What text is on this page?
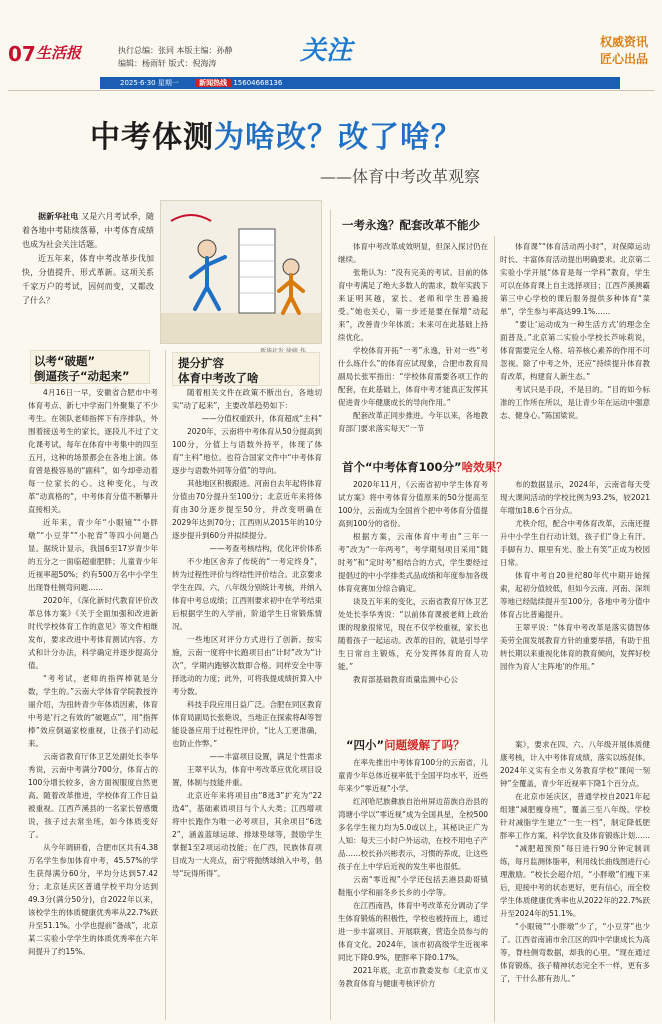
07 生活报	执行总编：张同 本版主编：孙静
编辑：杨雨轩 版式：倪海涛	关注	权威资讯
匠心出品
2025·6·30 星期一	新闻热线 15604668136
中考体测为啥改？改了啥？
——体育中考改革观察

据新华社电 又是六月考试季，随着各地中考陆续落幕，中考体育成绩也成为社会关注话题。

近五年来，体育中考改革步伐加快，分值提升、形式革新。这项关系千家万户的考试，因何而变，又都改了什么？

以考“破题”
倒逼孩子“动起来”
提分扩容
体育中考改了啥
一考永逸？配套改革不能少
首个“中考体育100分”啥效果？
“四小”问题缓解了吗？

4月16日一早，安徽省合肥市中考体育考点、新七中学南门外聚集了不少考生。在领队老师指挥下有序排队，外围着接送考生的家长，逐段儿不过了文化课考试。每年在体育中考集中的四至五月，这种的场景都会在各地上演。体育曾是极容易的“副科”，如今却牵动着每一位家长的心。这种变化，与改革“动真格的”，中考体育分值不断攀升直接相关。

近年来，青少年“小眼镜”“小胖墩”“小豆芽”“小驼背”等四小问题凸显。据统计显示，我国6至17岁青少年的五分之一面临超重肥胖；儿童青少年近视率超50%；约有500万名中小学生出现脊柱侧弯问题……

2020年，《深化新时代教育评价改革总体方案》《关于全面加强和改进新时代学校体育工作的意见》等文件相继发布，要求改进中考体育测试内容、方式和计分办法，科学确定并逐步提高分值。

“考考试，老师的指挥棒就是分数，学生的。”云南大学体育学院教授许丽介绍，为扭转青少年体质因素，体育中考是‘行之有效的“破题点”’，用“指挥棒”效应倒逼家校重视，让孩子们动起来。

云南省教育厅体卫艺处副处长李华秀说，云南中考满分700分，体育占的100分增长较多，舍方面视服度自然更高。随着改革推进，学校体育工作日益被重视。江西芦溪县的一名家长曾感慨说，孩子过去常坐班，如今体质变好了。

从今年调研看，合肥市区共有4.38万名学生参加体育中考，45.57%的学生获得满分60分，平均分达到57.42分；北京延庆区普通学校平均分达到49.3分(满分50分)，自2022年以来，该校学生的体质健康优秀率从22.7%跃升至51.1%。小学也提前“备战”，北京某二实验小学学生的体质优秀率在六年间提升了约15%。

随着相关文件在政策不断出台，各地切实“动了起来”，主要改革趋势如下：

——分值权重跃升，体育超成“主科”

2020年，云南将中考体育从50分提高到100分，分值上与语数外持平，体现了体育“主科”地位。也符合国家文件中“中考体育逐步与语数外同等分值”的导向。

其他地区积极跟进。河南自去年起将体育分值由70分提升至100分；北京近年来将体育由30分逐步提至50分，并改变明确在2029年达到70分；江西则从2015年的10分逐步提升到60分并拟续提分。

——考查考核结构，优化评价体系

不少地区舍弃了传统的“一考定终身”，转为过程性评价与终结性评价结合。北京要求学生在四、六、八年级分别统计考核，并纳入体育中考总成绩；江西则要求初中在学考结束后根据学生的入学前，阶道学生日常锻炼情况。

一些地区对评分方式进行了创新。按实施，云南一度将中长跑项目由“计时”改为“计次”，学期内跑够次数即合格。同样安全中等择选动的力度；此外，可将我提成绩折算入中考分数。

科技手段应用日益广泛。合肥在同区教育体育局副局长张艳说，当地正在探索将AI等智能设备应用于过程性评价，“比人工更准确，也防止作弊。”

——丰富项目设置，满足个性需求

王翠平认为，体育中考改革应优化项目设置，体制与技能并重。

北京近年来将项目由“8选3”扩充为“22选4”，基础素质项目与个人大类；江西增项将中长跑作为唯一必考项目，其余项目“6选2”，涵盖蓝球运球、排球垫球等，鼓励学生掌握1至2项运动技能；在广西，民族体育项目成为一大亮点，南宁将抛绣球纳入中考，倡导“玩得所得”。

体育中考改革成效明显，但深入探讨仍在继续。

张艳认为：“没有完美的考试。目前的体育中考满足了绝大多数人的需求，数年实践下来证明其越，家长、老师和学生普遍接受。”她也关心，第一步还是要在保增“动起来”，改善青少年体质；未来可在此基础上持续优化。

学校体育开拓“一考”永逸，针对一些“考什么练什么”的体育应试现象，合肥市教育局副局长张军指出：“学校体育需要各项工作的配套，在此基础上，体育中考才能真正发挥其促进青少年健康成长的导向作用。”

配套改革正同步推进。今年以来，各地教育部门要求落实每天“一节

体育课”“体育活动两小时”，对保障运动时长、丰富体育活动提出明确要求。北京第二实验小学开展“体育是每一学科”教育，学生可以在体育课上自主选择项目；江西芦溪澳霸第三中心学校的课后服务提供多种体育“菜单”，学生参与率高达99.1%……

“要让‘运动成为一种生活方式’的理念全面普及。”北京第二实验小学校长芦咏莉说，体育需要完全人格、培养核心素养的作用不可忽视。除了中考之外，还应“持续提升体育教育改革，构建育人新生态。”

考试只是手段，不是目的。“目的如今标准的工作所在所以，是让青少年在运动中强意志、健身心。”陈国梁说。

2020年11月，《云南省初中学生体育考试方案》将中考体育分值原来的50分提高至100分，云南成为全国首个把中考体育分值提高到100分的省份。

根据方案，云南体育中考由“三年一考”改为“一年两考”，考学期刻项目采用“随时考”和“定时考”相结合的方式，学生要经过提倡过的中小学排类式品成绩和年度参加各级体育竞赛加分综合确定。

谈及五年来的变化，云南省教育厅体卫艺处处长李华秀说：“以前体育课被老师上政治课的现象很常见，现在不仅学校重视，家长也随着孩子一起运动。改革的目的，就是引导学生日常自主锻炼，充分发挥体育的育人功能。”

教育部基础教育质量监测中心公

布的数据显示，2024年，云南省每天受现大课间活动的学校比例为93.2%，较2021年增加18.6个百分点。

尤秩介绍，配合中考体育改革，云南还提升中小学生自行动计划，孩子们“身上有汗、手脚有力、眼里有光、脸上有笑”正成为校园日常。

体育中考自20世纪80年代中期开始探索，起初分值较低，但如今云南、河南、深圳等地已经陆续提升至100分，各地中考分值中体育占比普遍提升。

王翠平说：“体育中考改革是落实德智体美劳全面发展教育方针的重要举措，有助于扭转长期以来重视化体育的教育倾向，发挥好校园作为育人‘主阵地’的作用。”

在率先推出中考体育100分的云南省，儿童青少年总体近视率低于全国平均水平，近些年来少“零近视”小学。

红河哈尼族彝族自治州屏边苗族自治县的湾塘小学以“零近视”成为全国具星，全校500多名学生视力均为5.0或以上，其秘诀正广为人知：每天三小时户外运动，在校不用电子产品……校长孙兴彬表示，习惯的养成，让这些孩子在上中学后近视的发生率也很低。

云南“零近视”小学还包括丢港县勐哥镇鞋瓶小学和丽冬乡长乡的小学等。

在江西南昌，体育中考改革充分调动了学生体育锻炼的积极性，学校也被持而上，通过进一步丰富项目、开展联赛，营造全员参与的体育文化。2024年，该市初高级学生近视率同比下降0.9%，肥胖率下降0.17%。

2021年底，北京市教委发布《北京市义务教育体育与健康考核评价方

案》，要求在四、六、八年级开展体质健康考核，计入中考体育成绩，落实以练促体。2024年义实有全市义务教育学校“课间一刻钟”全覆盖，青少年近视率下降1个百分点。

在北京市延庆区，普通学校自2021年起组建“减肥瘦身班”，覆盖三至八年级。学校针对减脂学生建立“一生一档”，制定降低肥胖率工作方案、科学饮食及体育锻炼计划……

“减肥超预预”每日进行90分钟定制训练，每月监测体脂率，利用线长曲线图进行心理激励。“校长会超介绍，“小胖墩”们瘦下来后，迎接中考的状态更好，更有信心，而全校学生体质健康优秀率也从2022年的22.7%跃升至2024年的51.1%。

“小眼镜”“小胖墩”少了，“小豆芽”也少了。江西省南浦市余江区的四中学康成长为高等，脊柱侧弯数据，却我的心里。“现在通过体育锻炼，孩子精神状态完全不一样，更有多了，干什么都有劲儿。”
